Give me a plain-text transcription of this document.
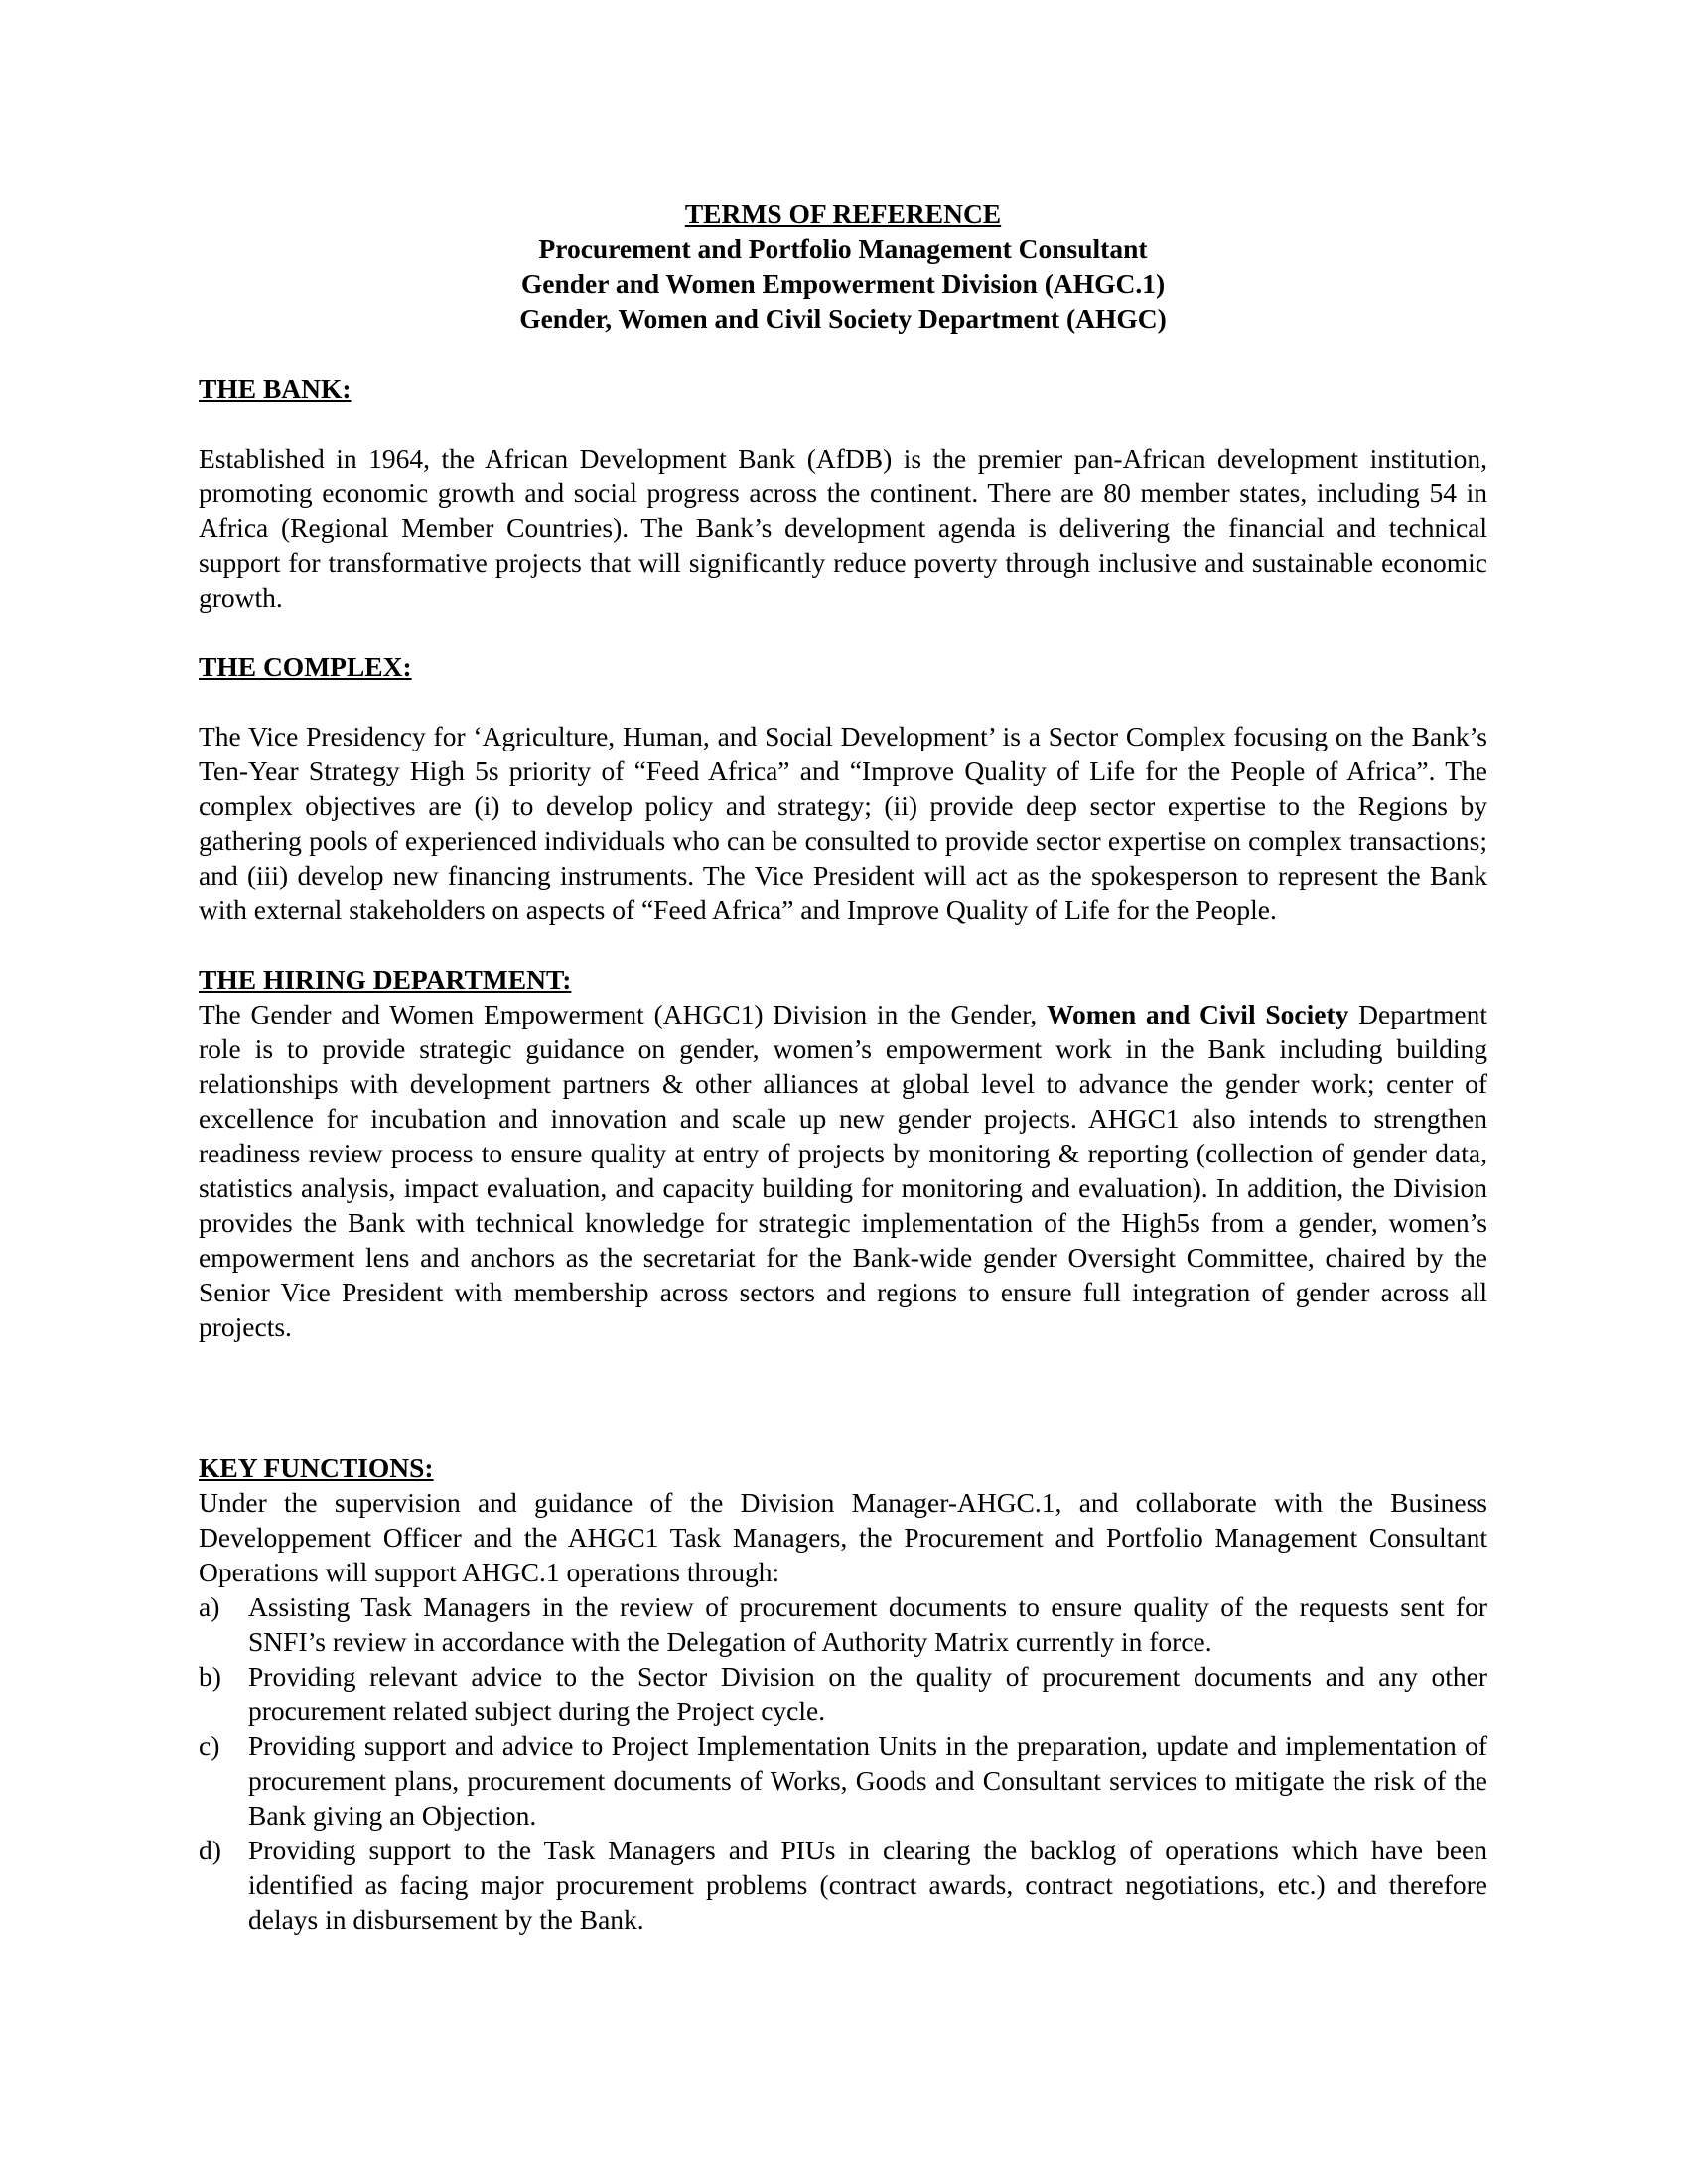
TERMS OF REFERENCE
Procurement and Portfolio Management Consultant
Gender and Women Empowerment Division (AHGC.1)
Gender, Women and Civil Society Department (AHGC)
THE BANK:

Established in 1964, the African Development Bank (AfDB) is the premier pan-African development institution, promoting economic growth and social progress across the continent. There are 80 member states, including 54 in Africa (Regional Member Countries). The Bank’s development agenda is delivering the financial and technical support for transformative projects that will significantly reduce poverty through inclusive and sustainable economic growth.

THE COMPLEX:

The Vice Presidency for ‘Agriculture, Human, and Social Development’ is a Sector Complex focusing on the Bank’s Ten-Year Strategy High 5s priority of “Feed Africa” and “Improve Quality of Life for the People of Africa”. The complex objectives are (i) to develop policy and strategy; (ii) provide deep sector expertise to the Regions by gathering pools of experienced individuals who can be consulted to provide sector expertise on complex transactions; and (iii) develop new financing instruments. The Vice President will act as the spokesperson to represent the Bank with external stakeholders on aspects of “Feed Africa” and Improve Quality of Life for the People.

THE HIRING DEPARTMENT:

The Gender and Women Empowerment (AHGC1) Division in the Gender, Women and Civil Society Department role is to provide strategic guidance on gender, women’s empowerment work in the Bank including building relationships with development partners & other alliances at global level to advance the gender work; center of excellence for incubation and innovation and scale up new gender projects. AHGC1 also intends to strengthen readiness review process to ensure quality at entry of projects by monitoring & reporting (collection of gender data, statistics analysis, impact evaluation, and capacity building for monitoring and evaluation). In addition, the Division provides the Bank with technical knowledge for strategic implementation of the High5s from a gender, women’s empowerment lens and anchors as the secretariat for the Bank-wide gender Oversight Committee, chaired by the Senior Vice President with membership across sectors and regions to ensure full integration of gender across all projects.

KEY FUNCTIONS:

Under the supervision and guidance of the Division Manager-AHGC.1, and collaborate with the Business Developpement Officer and the AHGC1 Task Managers, the Procurement and Portfolio Management Consultant Operations will support AHGC.1 operations through:

a) Assisting Task Managers in the review of procurement documents to ensure quality of the requests sent for SNFI’s review in accordance with the Delegation of Authority Matrix currently in force.
b) Providing relevant advice to the Sector Division on the quality of procurement documents and any other procurement related subject during the Project cycle.
c) Providing support and advice to Project Implementation Units in the preparation, update and implementation of procurement plans, procurement documents of Works, Goods and Consultant services to mitigate the risk of the Bank giving an Objection.
d) Providing support to the Task Managers and PIUs in clearing the backlog of operations which have been identified as facing major procurement problems (contract awards, contract negotiations, etc.) and therefore delays in disbursement by the Bank.
